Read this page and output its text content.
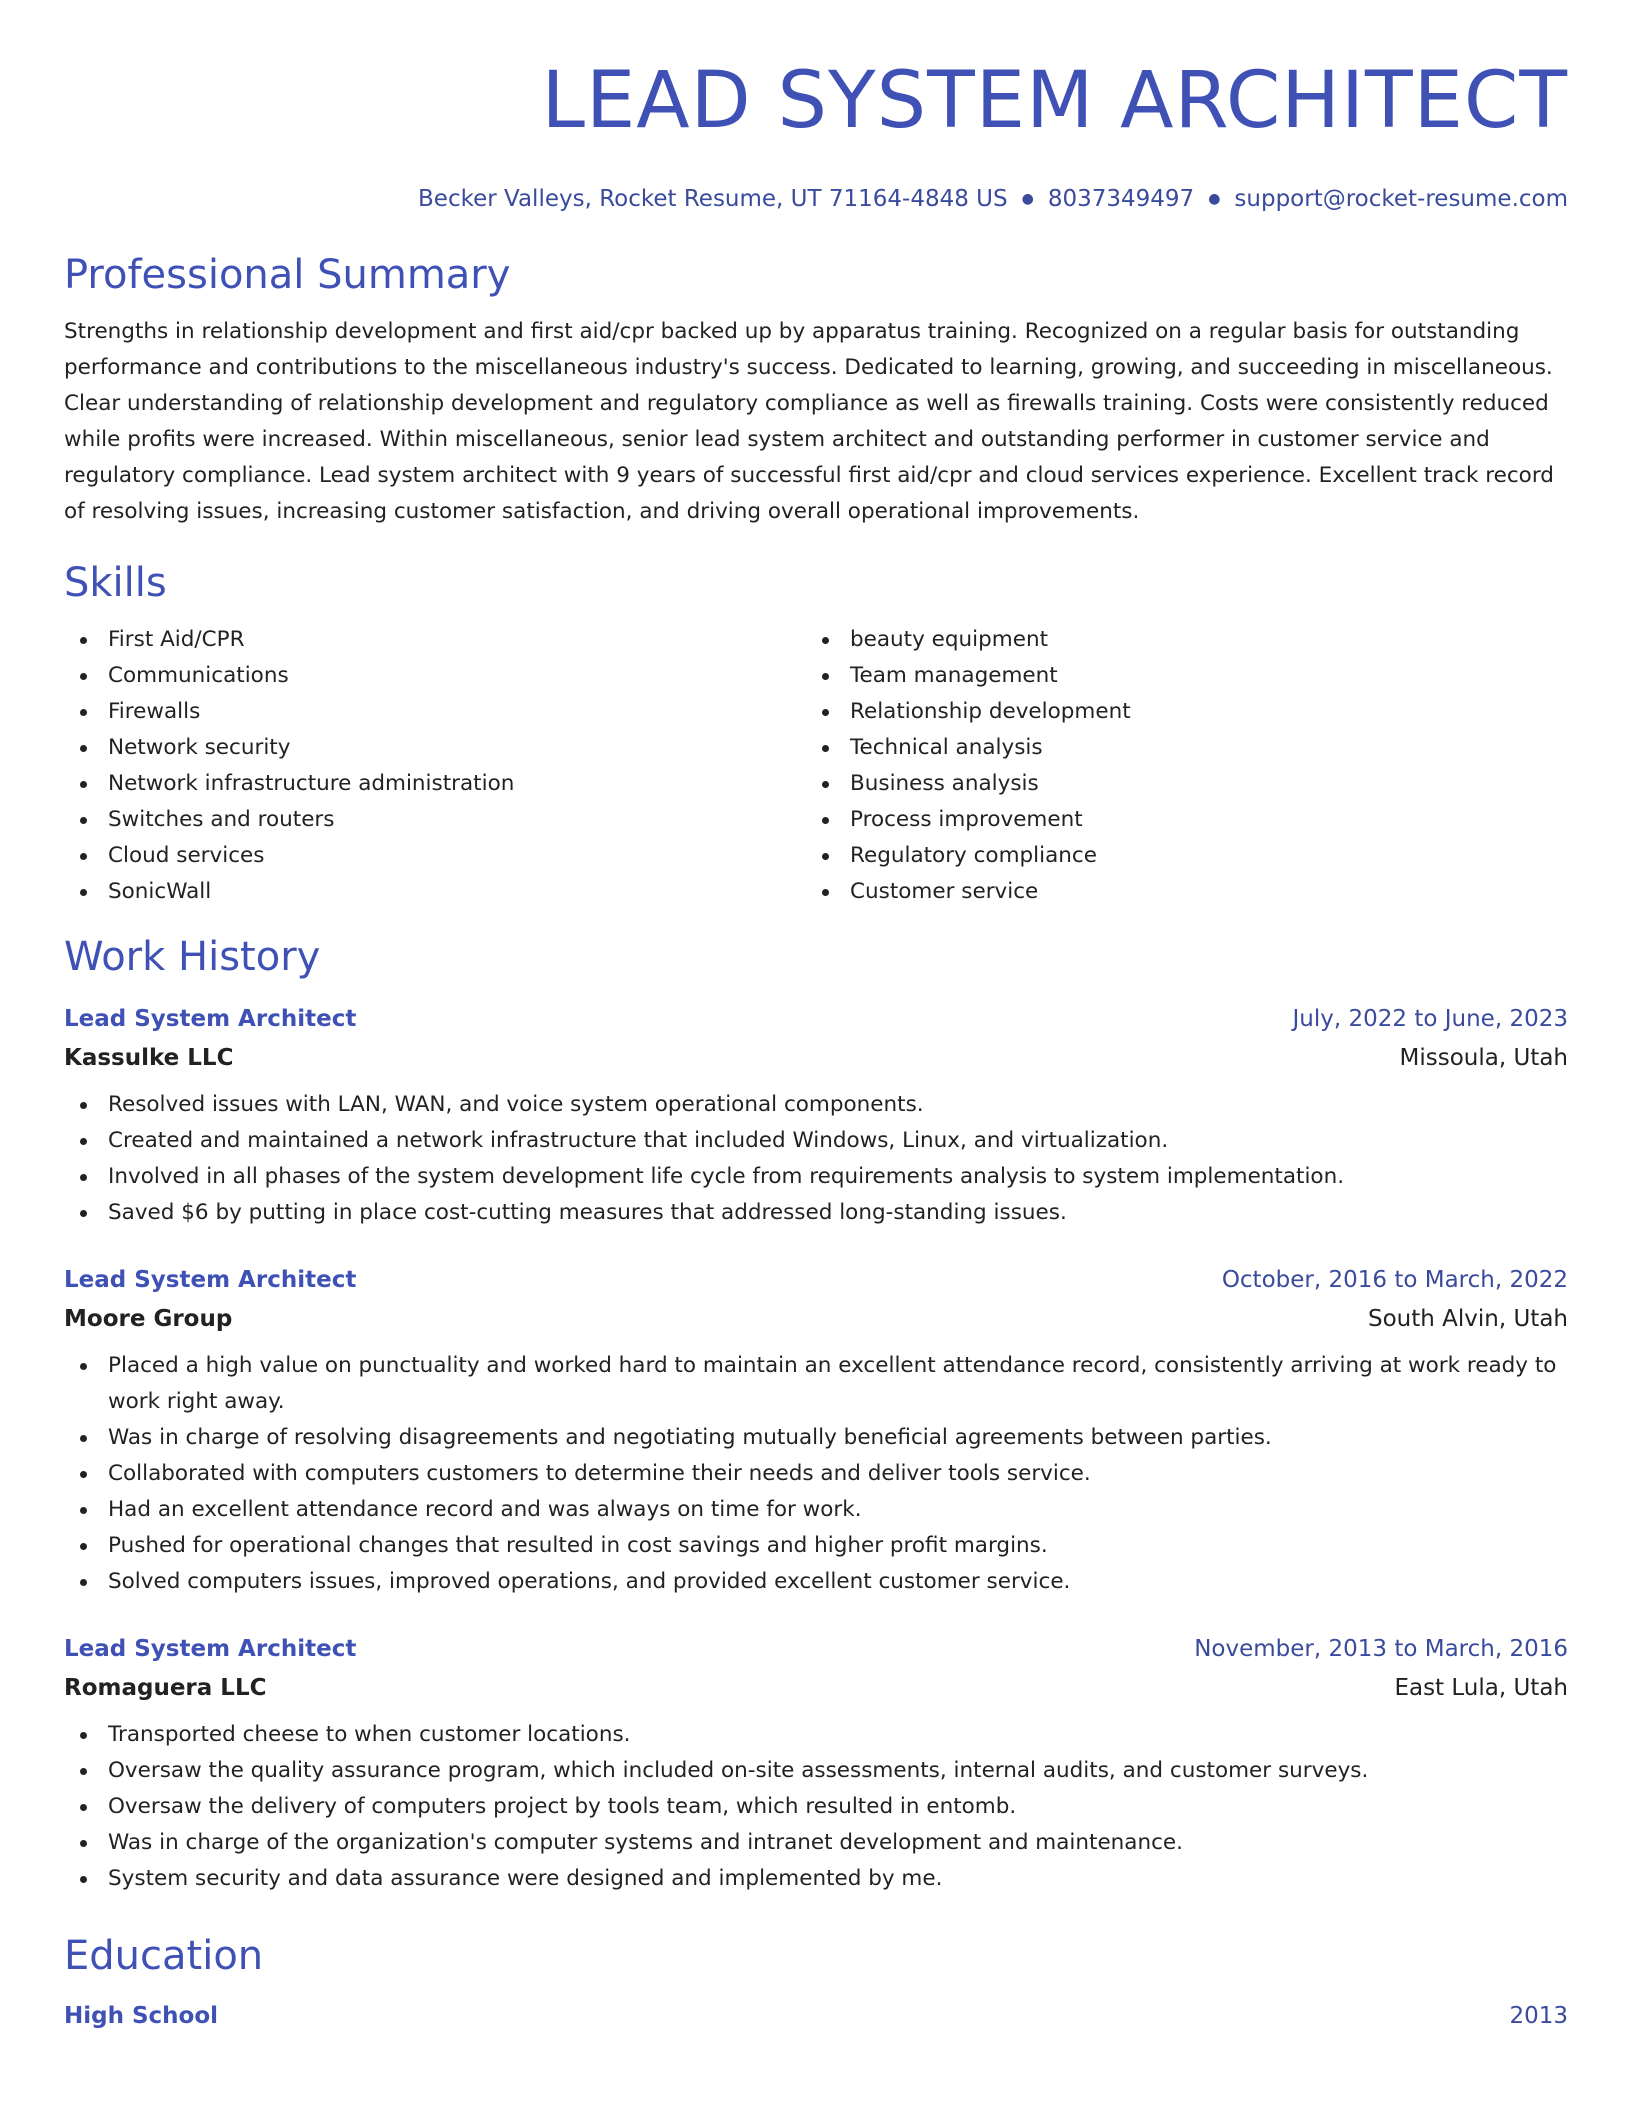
LEAD SYSTEM ARCHITECT
Becker Valleys, Rocket Resume, UT 71164-4848 US ● 8037349497 ● support@rocket-resume.com
Professional Summary

Strengths in relationship development and first aid/cpr backed up by apparatus training. Recognized on a regular basis for outstanding performance and contributions to the miscellaneous industry's success. Dedicated to learning, growing, and succeeding in miscellaneous. Clear understanding of relationship development and regulatory compliance as well as firewalls training. Costs were consistently reduced while profits were increased. Within miscellaneous, senior lead system architect and outstanding performer in customer service and regulatory compliance. Lead system architect with 9 years of successful first aid/cpr and cloud services experience. Excellent track record of resolving issues, increasing customer satisfaction, and driving overall operational improvements.

Skills
First Aid/CPR
Communications
Firewalls
Network security
Network infrastructure administration
Switches and routers
Cloud services
SonicWall
beauty equipment
Team management
Relationship development
Technical analysis
Business analysis
Process improvement
Regulatory compliance
Customer service
Work History
Lead System Architect	July, 2022 to June, 2023
Kassulke LLC	Missoula, Utah
Resolved issues with LAN, WAN, and voice system operational components.
Created and maintained a network infrastructure that included Windows, Linux, and virtualization.
Involved in all phases of the system development life cycle from requirements analysis to system implementation.
Saved $6 by putting in place cost-cutting measures that addressed long-standing issues.
Lead System Architect	October, 2016 to March, 2022
Moore Group	South Alvin, Utah
Placed a high value on punctuality and worked hard to maintain an excellent attendance record, consistently arriving at work ready to work right away.
Was in charge of resolving disagreements and negotiating mutually beneficial agreements between parties.
Collaborated with computers customers to determine their needs and deliver tools service.
Had an excellent attendance record and was always on time for work.
Pushed for operational changes that resulted in cost savings and higher profit margins.
Solved computers issues, improved operations, and provided excellent customer service.
Lead System Architect	November, 2013 to March, 2016
Romaguera LLC	East Lula, Utah
Transported cheese to when customer locations.
Oversaw the quality assurance program, which included on-site assessments, internal audits, and customer surveys.
Oversaw the delivery of computers project by tools team, which resulted in entomb.
Was in charge of the organization's computer systems and intranet development and maintenance.
System security and data assurance were designed and implemented by me.
Education
High School	2013
